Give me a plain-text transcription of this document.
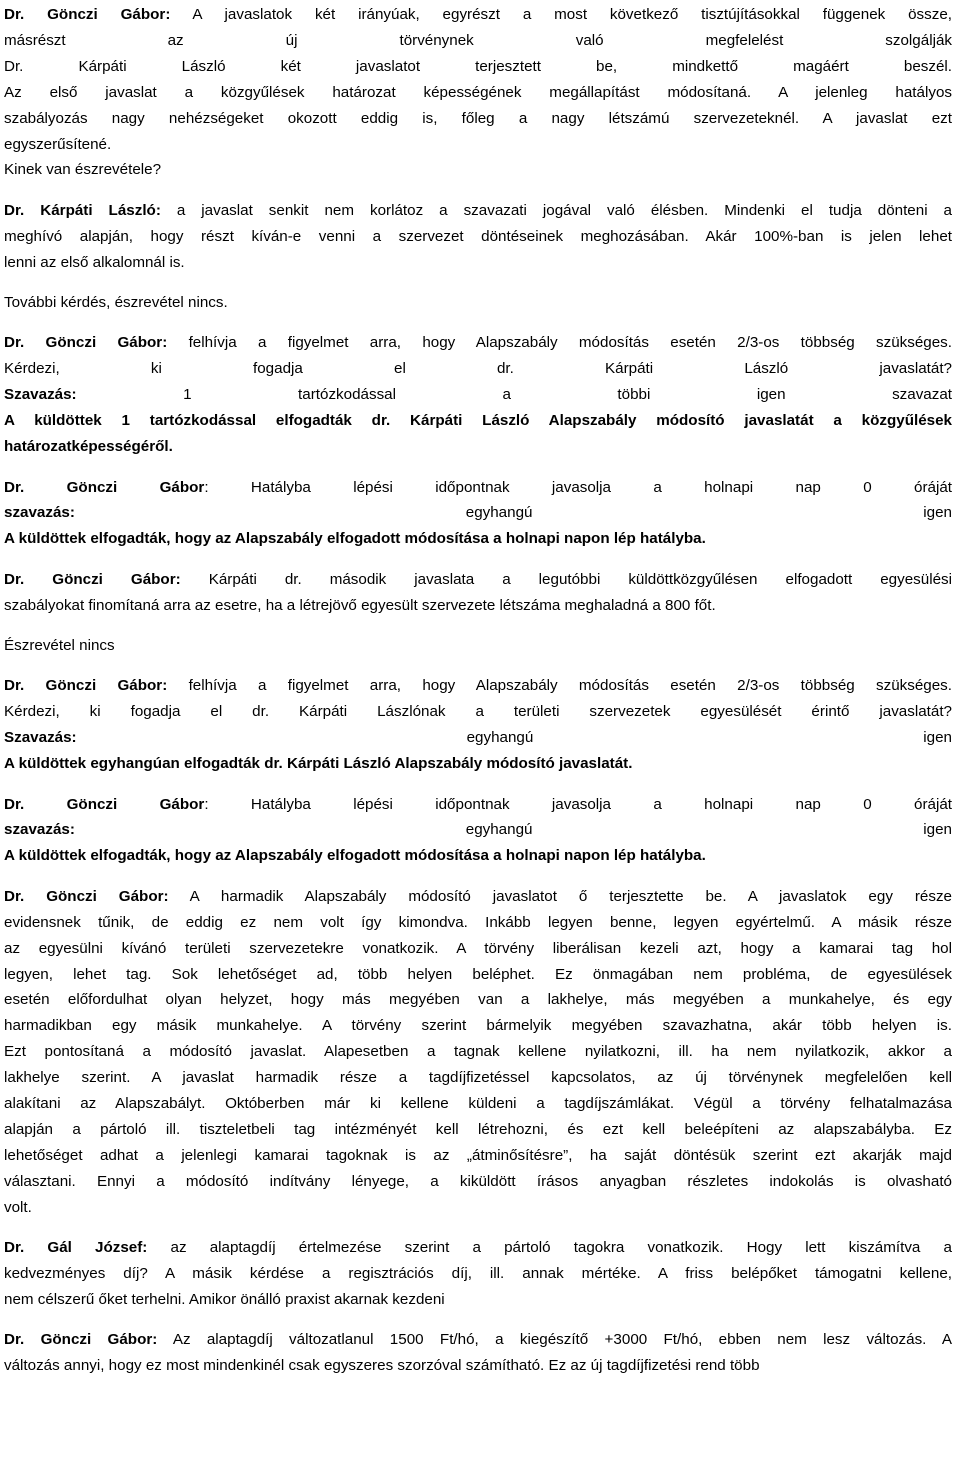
Dr. Gönczi Gábor: A javaslatok két irányúak, egyrészt a most következő tisztújításokkal függenek össze,
másrészt az új törvénynek való megfelelést szolgálják
Dr. Kárpáti László két javaslatot terjesztett be, mindkettő magáért beszél.
Az első javaslat a közgyűlések határozat képességének megállapítást módosítaná. A jelenleg hatályos
szabályozás nagy nehézségeket okozott eddig is, főleg a nagy létszámú szervezeteknél. A javaslat ezt
egyszerűsítené.
Kinek van észrevétele?

Dr. Kárpáti László: a javaslat senkit nem korlátoz a szavazati jogával való élésben. Mindenki el tudja dönteni a
meghívó alapján, hogy részt kíván-e venni a szervezet döntéseinek meghozásában. Akár 100%-ban is jelen lehet
lenni az első alkalomnál is.

További kérdés, észrevétel nincs.

Dr. Gönczi Gábor: felhívja a figyelmet arra, hogy Alapszabály módosítás esetén 2/3-os többség szükséges.
Kérdezi, ki fogadja el dr. Kárpáti László javaslatát?
Szavazás: 1 tartózkodással a többi igen szavazat
A küldöttek 1 tartózkodással elfogadták dr. Kárpáti László Alapszabály módosító javaslatát a közgyűlések
határozatképességéről.

Dr. Gönczi Gábor: Hatályba lépési időpontnak javasolja a holnapi nap 0 óráját
szavazás: egyhangú igen
A küldöttek elfogadták, hogy az Alapszabály elfogadott módosítása a holnapi napon lép hatályba.

Dr. Gönczi Gábor: Kárpáti dr. második javaslata a legutóbbi küldöttközgyűlésen elfogadott egyesülési
szabályokat finomítaná arra az esetre, ha a létrejövő egyesült szervezete létszáma meghaladná a 800 főt.

Észrevétel nincs

Dr. Gönczi Gábor: felhívja a figyelmet arra, hogy Alapszabály módosítás esetén 2/3-os többség szükséges.
Kérdezi, ki fogadja el dr. Kárpáti Lászlónak a területi szervezetek egyesülését érintő javaslatát?
Szavazás: egyhangú igen
A küldöttek egyhangúan elfogadták dr. Kárpáti László Alapszabály módosító javaslatát.

Dr. Gönczi Gábor: Hatályba lépési időpontnak javasolja a holnapi nap 0 óráját
szavazás: egyhangú igen
A küldöttek elfogadták, hogy az Alapszabály elfogadott módosítása a holnapi napon lép hatályba.

Dr. Gönczi Gábor: A harmadik Alapszabály módosító javaslatot ő terjesztette be. A javaslatok egy része
evidensnek tűnik, de eddig ez nem volt így kimondva. Inkább legyen benne, legyen egyértelmű. A másik része
az egyesülni kívánó területi szervezetekre vonatkozik. A törvény liberálisan kezeli azt, hogy a kamarai tag hol
legyen, lehet tag. Sok lehetőséget ad, több helyen beléphet. Ez önmagában nem probléma, de egyesülések
esetén előfordulhat olyan helyzet, hogy más megyében van a lakhelye, más megyében a munkahelye, és egy
harmadikban egy másik munkahelye. A törvény szerint bármelyik megyében szavazhatna, akár több helyen is.
Ezt pontosítaná a módosító javaslat. Alapesetben a tagnak kellene nyilatkozni, ill. ha nem nyilatkozik, akkor a
lakhelye szerint. A javaslat harmadik része a tagdíjfizetéssel kapcsolatos, az új törvénynek megfelelően kell
alakítani az Alapszabályt. Októberben már ki kellene küldeni a tagdíjszámlákat. Végül a törvény felhatalmazása
alapján a pártoló ill. tiszteletbeli tag intézményét kell létrehozni, és ezt kell beleépíteni az alapszabályba. Ez
lehetőséget adhat a jelenlegi kamarai tagoknak is az „átminősítésre”, ha saját döntésük szerint ezt akarják majd
választani. Ennyi a módosító indítvány lényege, a kiküldött írásos anyagban részletes indokolás is olvasható
volt.

Dr. Gál József: az alaptagdíj értelmezése szerint a pártoló tagokra vonatkozik. Hogy lett kiszámítva a
kedvezményes díj? A másik kérdése a regisztrációs díj, ill. annak mértéke. A friss belépőket támogatni kellene,
nem célszerű őket terhelni. Amikor önálló praxist akarnak kezdeni

Dr. Gönczi Gábor: Az alaptagdíj változatlanul 1500 Ft/hó, a kiegészítő +3000 Ft/hó, ebben nem lesz változás. A
változás annyi, hogy ez most mindenkinél csak egyszeres szorzóval számítható. Ez az új tagdíjfizetési rend több
